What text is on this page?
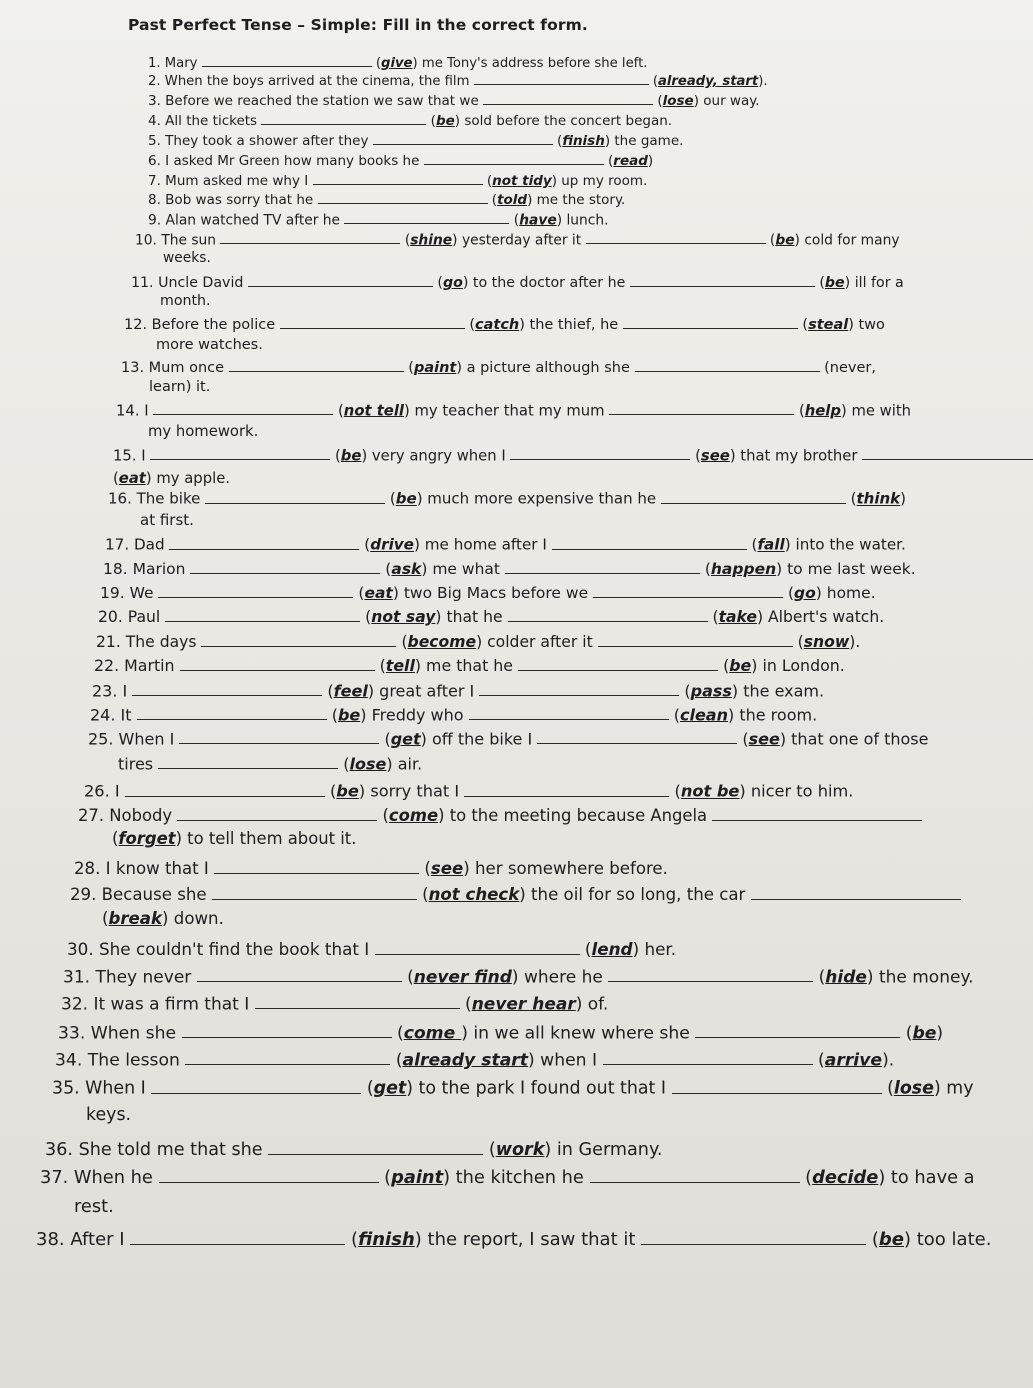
Past Perfect Tense – Simple: Fill in the correct form.
1. Mary	(give) me Tony's address before she left.
2. When the boys arrived at the cinema, the film	(already, start).
3. Before we reached the station we saw that we	(lose) our way.
4. All the tickets	(be) sold before the concert began.
5. They took a shower after they	(finish) the game.
6. I asked Mr Green how many books he	(read)
7. Mum asked me why I	(not tidy) up my room.
8. Bob was sorry that he	(told) me the story.
9. Alan watched TV after he	(have) lunch.
10. The sun	(shine) yesterday after it	(be) cold for many
weeks.
11. Uncle David	(go) to the doctor after he	(be) ill for a
month.
12. Before the police	(catch) the thief, he	(steal) two
more watches.
13. Mum once	(paint) a picture although she	(never,
learn) it.
14. I	(not tell) my teacher that my mum	(help) me with
my homework.
15. I	(be) very angry when I	(see) that my brother
(eat) my apple.
16. The bike	(be) much more expensive than he	(think)
at first.
17. Dad	(drive) me home after I	(fall) into the water.
18. Marion	(ask) me what	(happen) to me last week.
19. We	(eat) two Big Macs before we	(go) home.
20. Paul	(not say) that he	(take) Albert's watch.
21. The days	(become) colder after it	(snow).
22. Martin	(tell) me that he	(be) in London.
23. I	(feel) great after I	(pass) the exam.
24. It	(be) Freddy who	(clean) the room.
25. When I	(get) off the bike I	(see) that one of those
tires	(lose) air.
26. I	(be) sorry that I	(not be) nicer to him.
27. Nobody	(come) to the meeting because Angela
(forget) to tell them about it.
28. I know that I	(see) her somewhere before.
29. Because she	(not check) the oil for so long, the car
(break) down.
30. She couldn't find the book that I	(lend) her.
31. They never	(never find) where he	(hide) the money.
32. It was a firm that I	(never hear) of.
33. When she	(come ) in we all knew where she	(be)
34. The lesson	(already start) when I	(arrive).
35. When I	(get) to the park I found out that I	(lose) my
keys.
36. She told me that she	(work) in Germany.
37. When he	(paint) the kitchen he	(decide) to have a
rest.
38. After I	(finish) the report, I saw that it	(be) too late.
